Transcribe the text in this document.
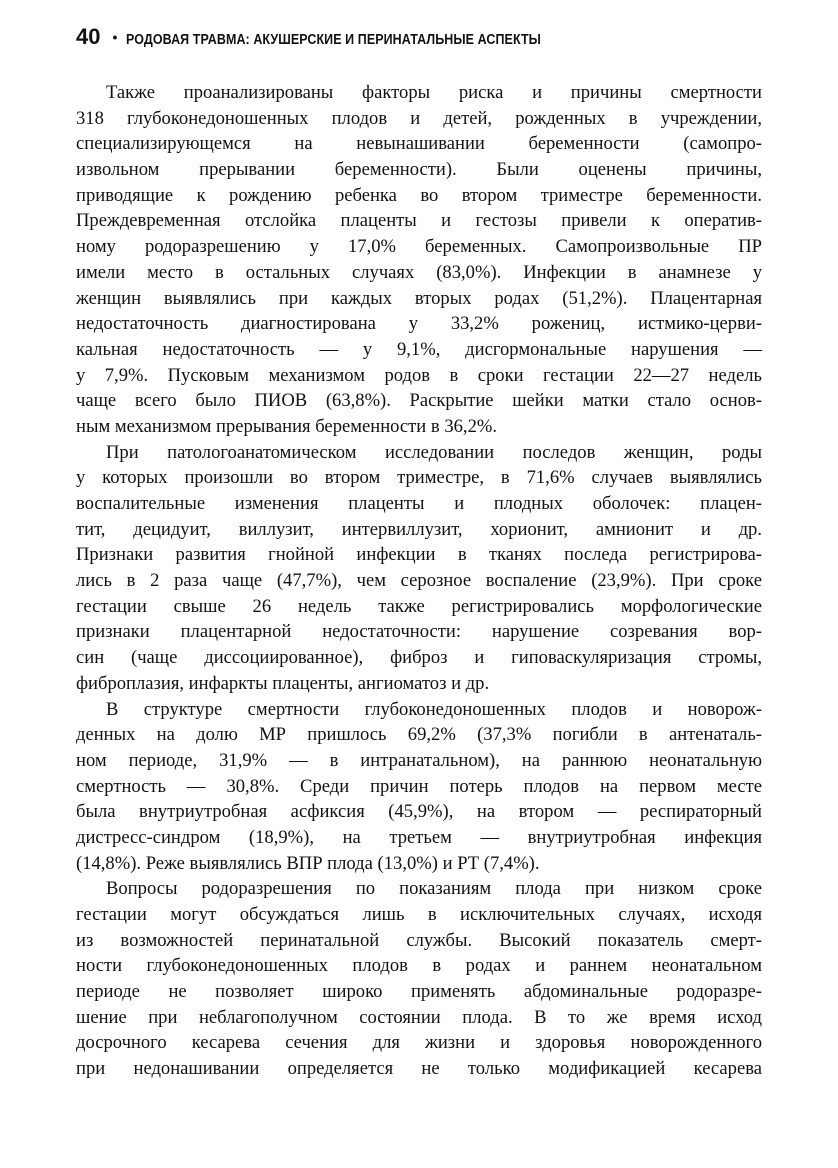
40 • РОДОВАЯ ТРАВМА: АКУШЕРСКИЕ И ПЕРИНАТАЛЬНЫЕ АСПЕКТЫ
Также проанализированы факторы риска и причины смертности
318 глубоконедоношенных плодов и детей, рожденных в учреждении,
специализирующемся на невынашивании беременности (самопро-
извольном прерывании беременности). Были оценены причины,
приводящие к рождению ребенка во втором триместре беременности.
Преждевременная отслойка плаценты и гестозы привели к оператив-
ному родоразрешению у 17,0% беременных. Самопроизвольные ПР
имели место в остальных случаях (83,0%). Инфекции в анамнезе у
женщин выявлялись при каждых вторых родах (51,2%). Плацентарная
недостаточность диагностирована у 33,2% рожениц, истмико-церви-
кальная недостаточность — у 9,1%, дисгормональные нарушения —
у 7,9%. Пусковым механизмом родов в сроки гестации 22—27 недель
чаще всего было ПИОВ (63,8%). Раскрытие шейки матки стало основ-
ным механизмом прерывания беременности в 36,2%.
При патологоанатомическом исследовании последов женщин, роды
у которых произошли во втором триместре, в 71,6% случаев выявлялись
воспалительные изменения плаценты и плодных оболочек: плацен-
тит, децидуит, виллузит, интервиллузит, хорионит, амнионит и др.
Признаки развития гнойной инфекции в тканях последа регистрирова-
лись в 2 раза чаще (47,7%), чем серозное воспаление (23,9%). При сроке
гестации свыше 26 недель также регистрировались морфологические
признаки плацентарной недостаточности: нарушение созревания вор-
син (чаще диссоциированное), фиброз и гиповаскуляризация стромы,
фиброплазия, инфаркты плаценты, ангиоматоз и др.
В структуре смертности глубоконедоношенных плодов и новорож-
денных на долю МР пришлось 69,2% (37,3% погибли в антенаталь-
ном периоде, 31,9% — в интранатальном), на раннюю неонатальную
смертность — 30,8%. Среди причин потерь плодов на первом месте
была внутриутробная асфиксия (45,9%), на втором — респираторный
дистресс-синдром (18,9%), на третьем — внутриутробная инфекция
(14,8%). Реже выявлялись ВПР плода (13,0%) и РТ (7,4%).
Вопросы родоразрешения по показаниям плода при низком сроке
гестации могут обсуждаться лишь в исключительных случаях, исходя
из возможностей перинатальной службы. Высокий показатель смерт-
ности глубоконедоношенных плодов в родах и раннем неонатальном
периоде не позволяет широко применять абдоминальные родоразре-
шение при неблагополучном состоянии плода. В то же время исход
досрочного кесарева сечения для жизни и здоровья новорожденного
при недонашивании определяется не только модификацией кесарева
